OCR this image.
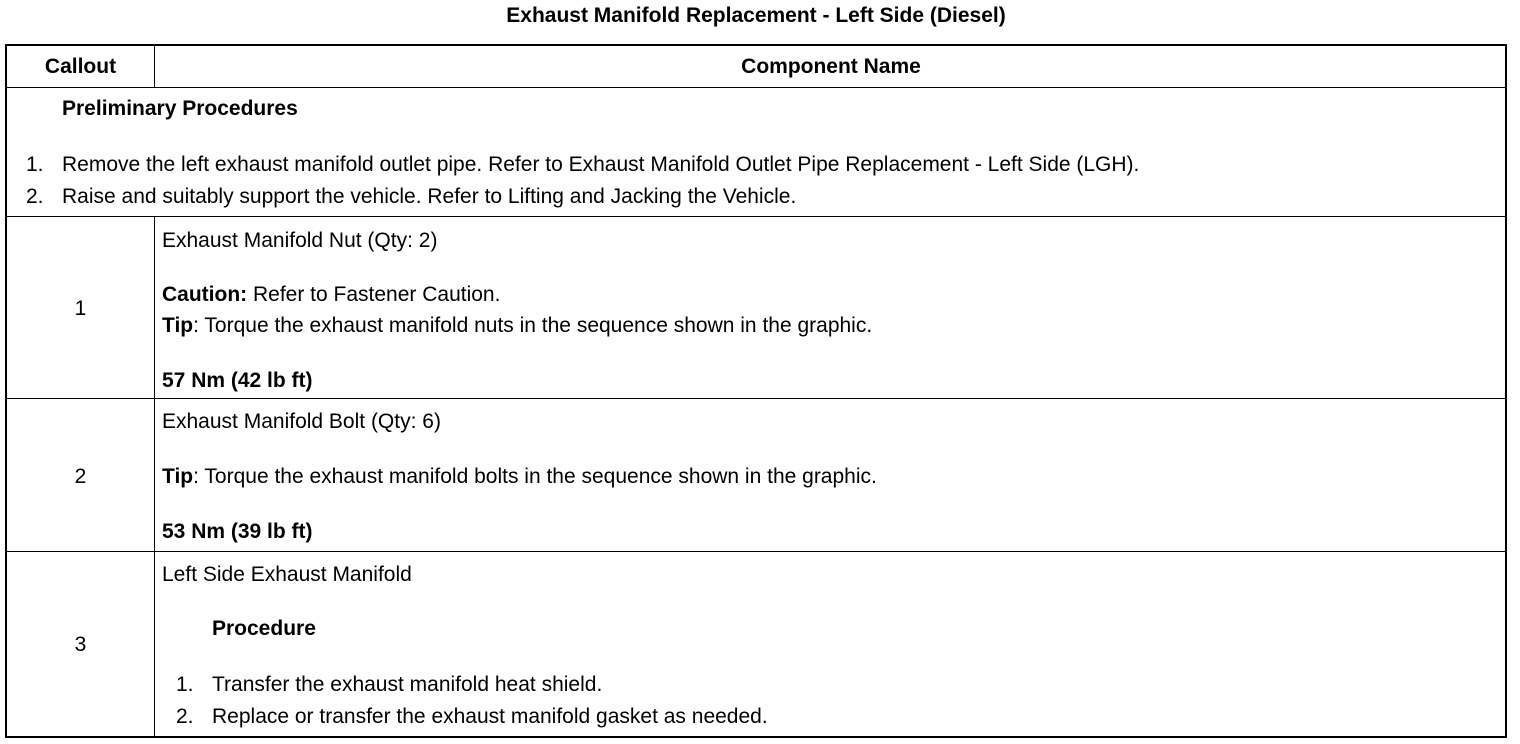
Exhaust Manifold Replacement - Left Side (Diesel)
Callout	Component Name
Preliminary Procedures
1. Remove the left exhaust manifold outlet pipe. Refer to Exhaust Manifold Outlet Pipe Replacement - Left Side (LGH).
2. Raise and suitably support the vehicle. Refer to Lifting and Jacking the Vehicle.
1
Exhaust Manifold Nut (Qty: 2)
Caution: Refer to Fastener Caution.
Tip: Torque the exhaust manifold nuts in the sequence shown in the graphic.
57 Nm (42 lb ft)
2
Exhaust Manifold Bolt (Qty: 6)
Tip: Torque the exhaust manifold bolts in the sequence shown in the graphic.
53 Nm (39 lb ft)
3
Left Side Exhaust Manifold
Procedure
1. Transfer the exhaust manifold heat shield.
2. Replace or transfer the exhaust manifold gasket as needed.
